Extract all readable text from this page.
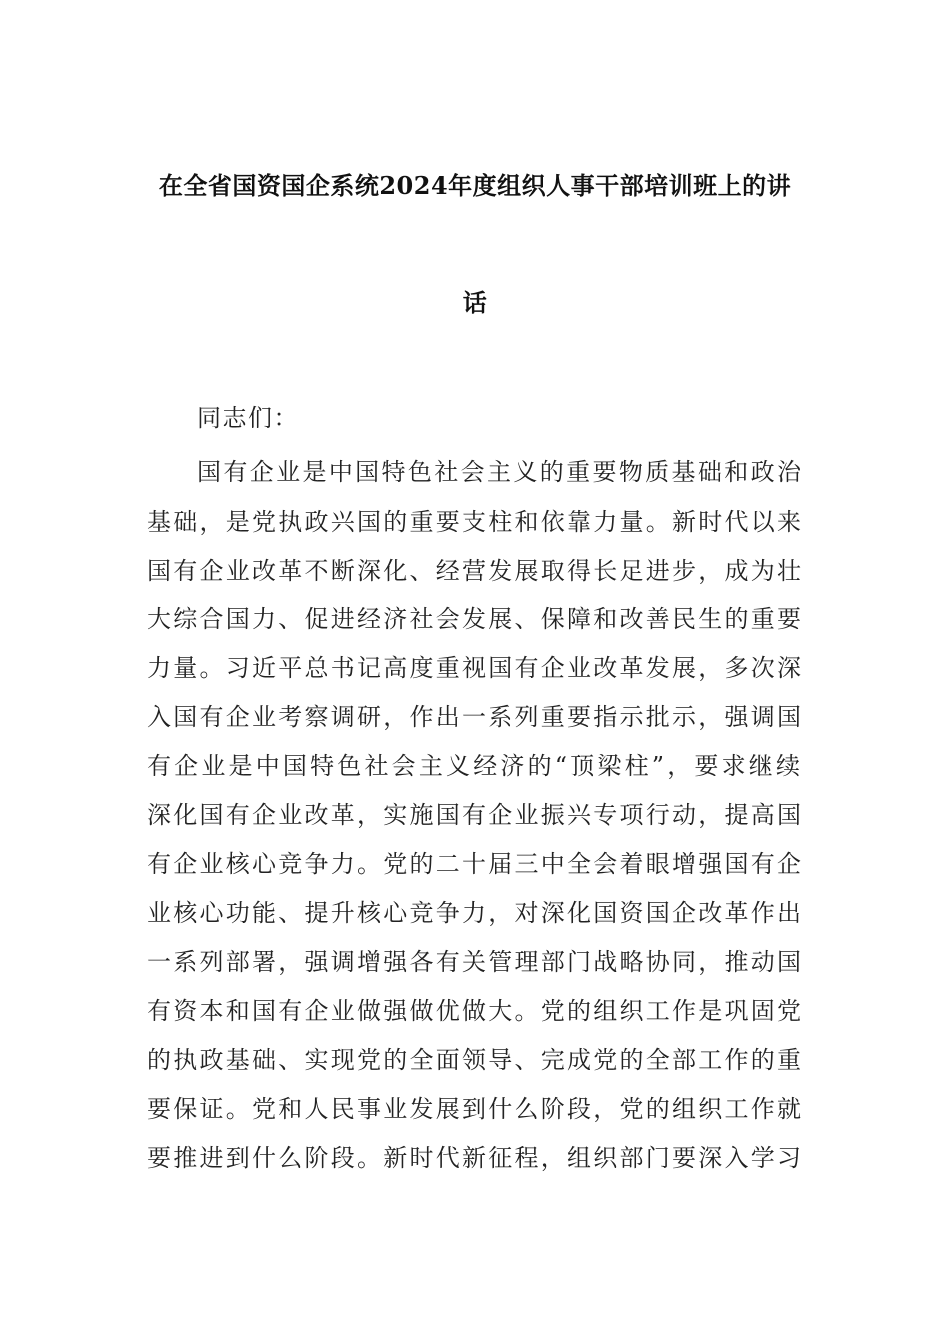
在全省国资国企系统2024年度组织人事干部培训班上的讲
话
同志们：
国有企业是中国特色社会主义的重要物质基础和政治
基础，是党执政兴国的重要支柱和依靠力量。新时代以来
国有企业改革不断深化、经营发展取得长足进步，成为壮
大综合国力、促进经济社会发展、保障和改善民生的重要
力量。习近平总书记高度重视国有企业改革发展，多次深
入国有企业考察调研，作出一系列重要指示批示，强调国
有企业是中国特色社会主义经济的“顶梁柱”，要求继续
深化国有企业改革，实施国有企业振兴专项行动，提高国
有企业核心竞争力。党的二十届三中全会着眼增强国有企
业核心功能、提升核心竞争力，对深化国资国企改革作出
一系列部署，强调增强各有关管理部门战略协同，推动国
有资本和国有企业做强做优做大。党的组织工作是巩固党
的执政基础、实现党的全面领导、完成党的全部工作的重
要保证。党和人民事业发展到什么阶段，党的组织工作就
要推进到什么阶段。新时代新征程，组织部门要深入学习
